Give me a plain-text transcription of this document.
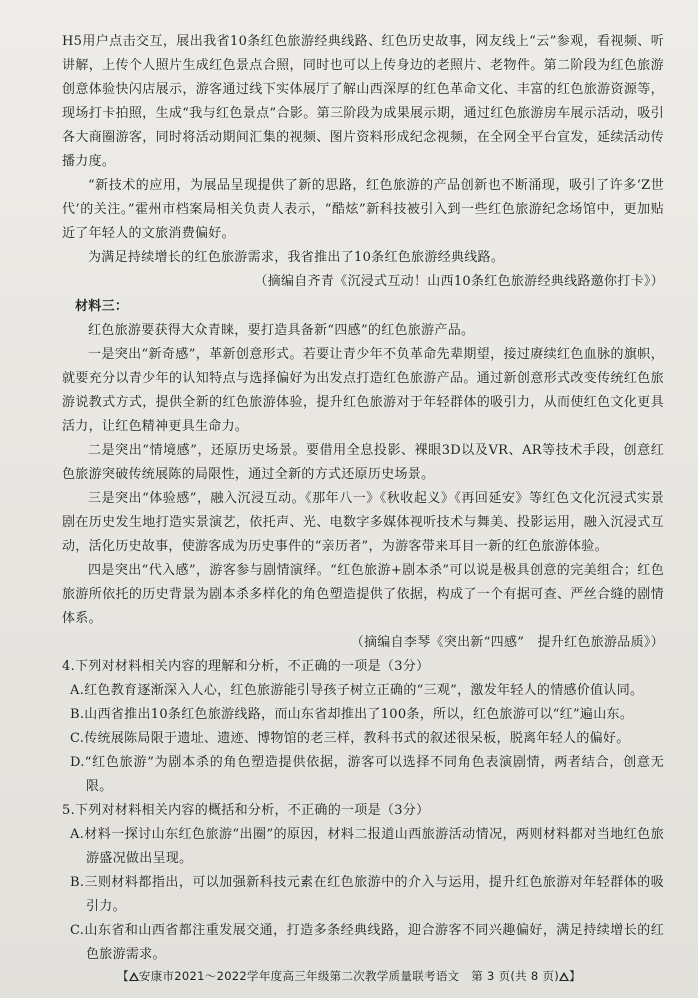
H5用户点击交互，展出我省10条红色旅游经典线路、红色历史故事，网友线上“云”参观，看视频、听讲解，上传个人照片生成红色景点合照，同时也可以上传身边的老照片、老物件。第二阶段为红色旅游创意体验快闪店展示，游客通过线下实体展厅了解山西深厚的红色革命文化、丰富的红色旅游资源等，现场打卡拍照，生成“我与红色景点”合影。第三阶段为成果展示期，通过红色旅游房车展示活动，吸引各大商圈游客，同时将活动期间汇集的视频、图片资料形成纪念视频，在全网全平台宣发，延续活动传播力度。

“新技术的应用，为展品呈现提供了新的思路，红色旅游的产品创新也不断涌现，吸引了许多‘Z世代’的关注。”霍州市档案局相关负责人表示，“酷炫”新科技被引入到一些红色旅游纪念场馆中，更加贴近了年轻人的文旅消费偏好。

为满足持续增长的红色旅游需求，我省推出了10条红色旅游经典线路。

（摘编自齐青《沉浸式互动！山西10条红色旅游经典线路邀你打卡》）

材料三：

红色旅游要获得大众青睐，要打造具备新“四感”的红色旅游产品。

一是突出“新奇感”，革新创意形式。若要让青少年不负革命先辈期望，接过赓续红色血脉的旗帜，就要充分以青少年的认知特点与选择偏好为出发点打造红色旅游产品。通过新创意形式改变传统红色旅游说教式方式，提供全新的红色旅游体验，提升红色旅游对于年轻群体的吸引力，从而使红色文化更具活力，让红色精神更具生命力。

二是突出“情境感”，还原历史场景。要借用全息投影、裸眼3D以及VR、AR等技术手段，创意红色旅游突破传统展陈的局限性，通过全新的方式还原历史场景。

三是突出“体验感”，融入沉浸互动。《那年八一》《秋收起义》《再回延安》等红色文化沉浸式实景剧在历史发生地打造实景演艺，依托声、光、电数字多媒体视听技术与舞美、投影运用，融入沉浸式互动，活化历史故事，使游客成为历史事件的“亲历者”，为游客带来耳目一新的红色旅游体验。

四是突出“代入感”，游客参与剧情演绎。“红色旅游+剧本杀”可以说是极具创意的完美组合；红色旅游所依托的历史背景为剧本杀多样化的角色塑造提供了依据，构成了一个有据可查、严丝合缝的剧情体系。

（摘编自李琴《突出新“四感”　提升红色旅游品质》）

4.下列对材料相关内容的理解和分析，不正确的一项是（3分）

A.红色教育逐渐深入人心，红色旅游能引导孩子树立正确的“三观”，激发年轻人的情感价值认同。

B.山西省推出10条红色旅游线路，而山东省却推出了100条，所以，红色旅游可以“红”遍山东。

C.传统展陈局限于遗址、遗迹、博物馆的老三样，教科书式的叙述很呆板，脱离年轻人的偏好。

D.“红色旅游”为剧本杀的角色塑造提供依据，游客可以选择不同角色表演剧情，两者结合，创意无限。

5.下列对材料相关内容的概括和分析，不正确的一项是（3分）

A.材料一探讨山东红色旅游“出圈”的原因，材料二报道山西旅游活动情况，两则材料都对当地红色旅游盛况做出呈现。

B.三则材料都指出，可以加强新科技元素在红色旅游中的介入与运用，提升红色旅游对年轻群体的吸引力。

C.山东省和山西省都注重发展交通，打造多条经典线路，迎合游客不同兴趣偏好，满足持续增长的红色旅游需求。

【 安康市2021～2022学年度高三年级第二次教学质量联考语文　第 3 页(共 8 页) 】
